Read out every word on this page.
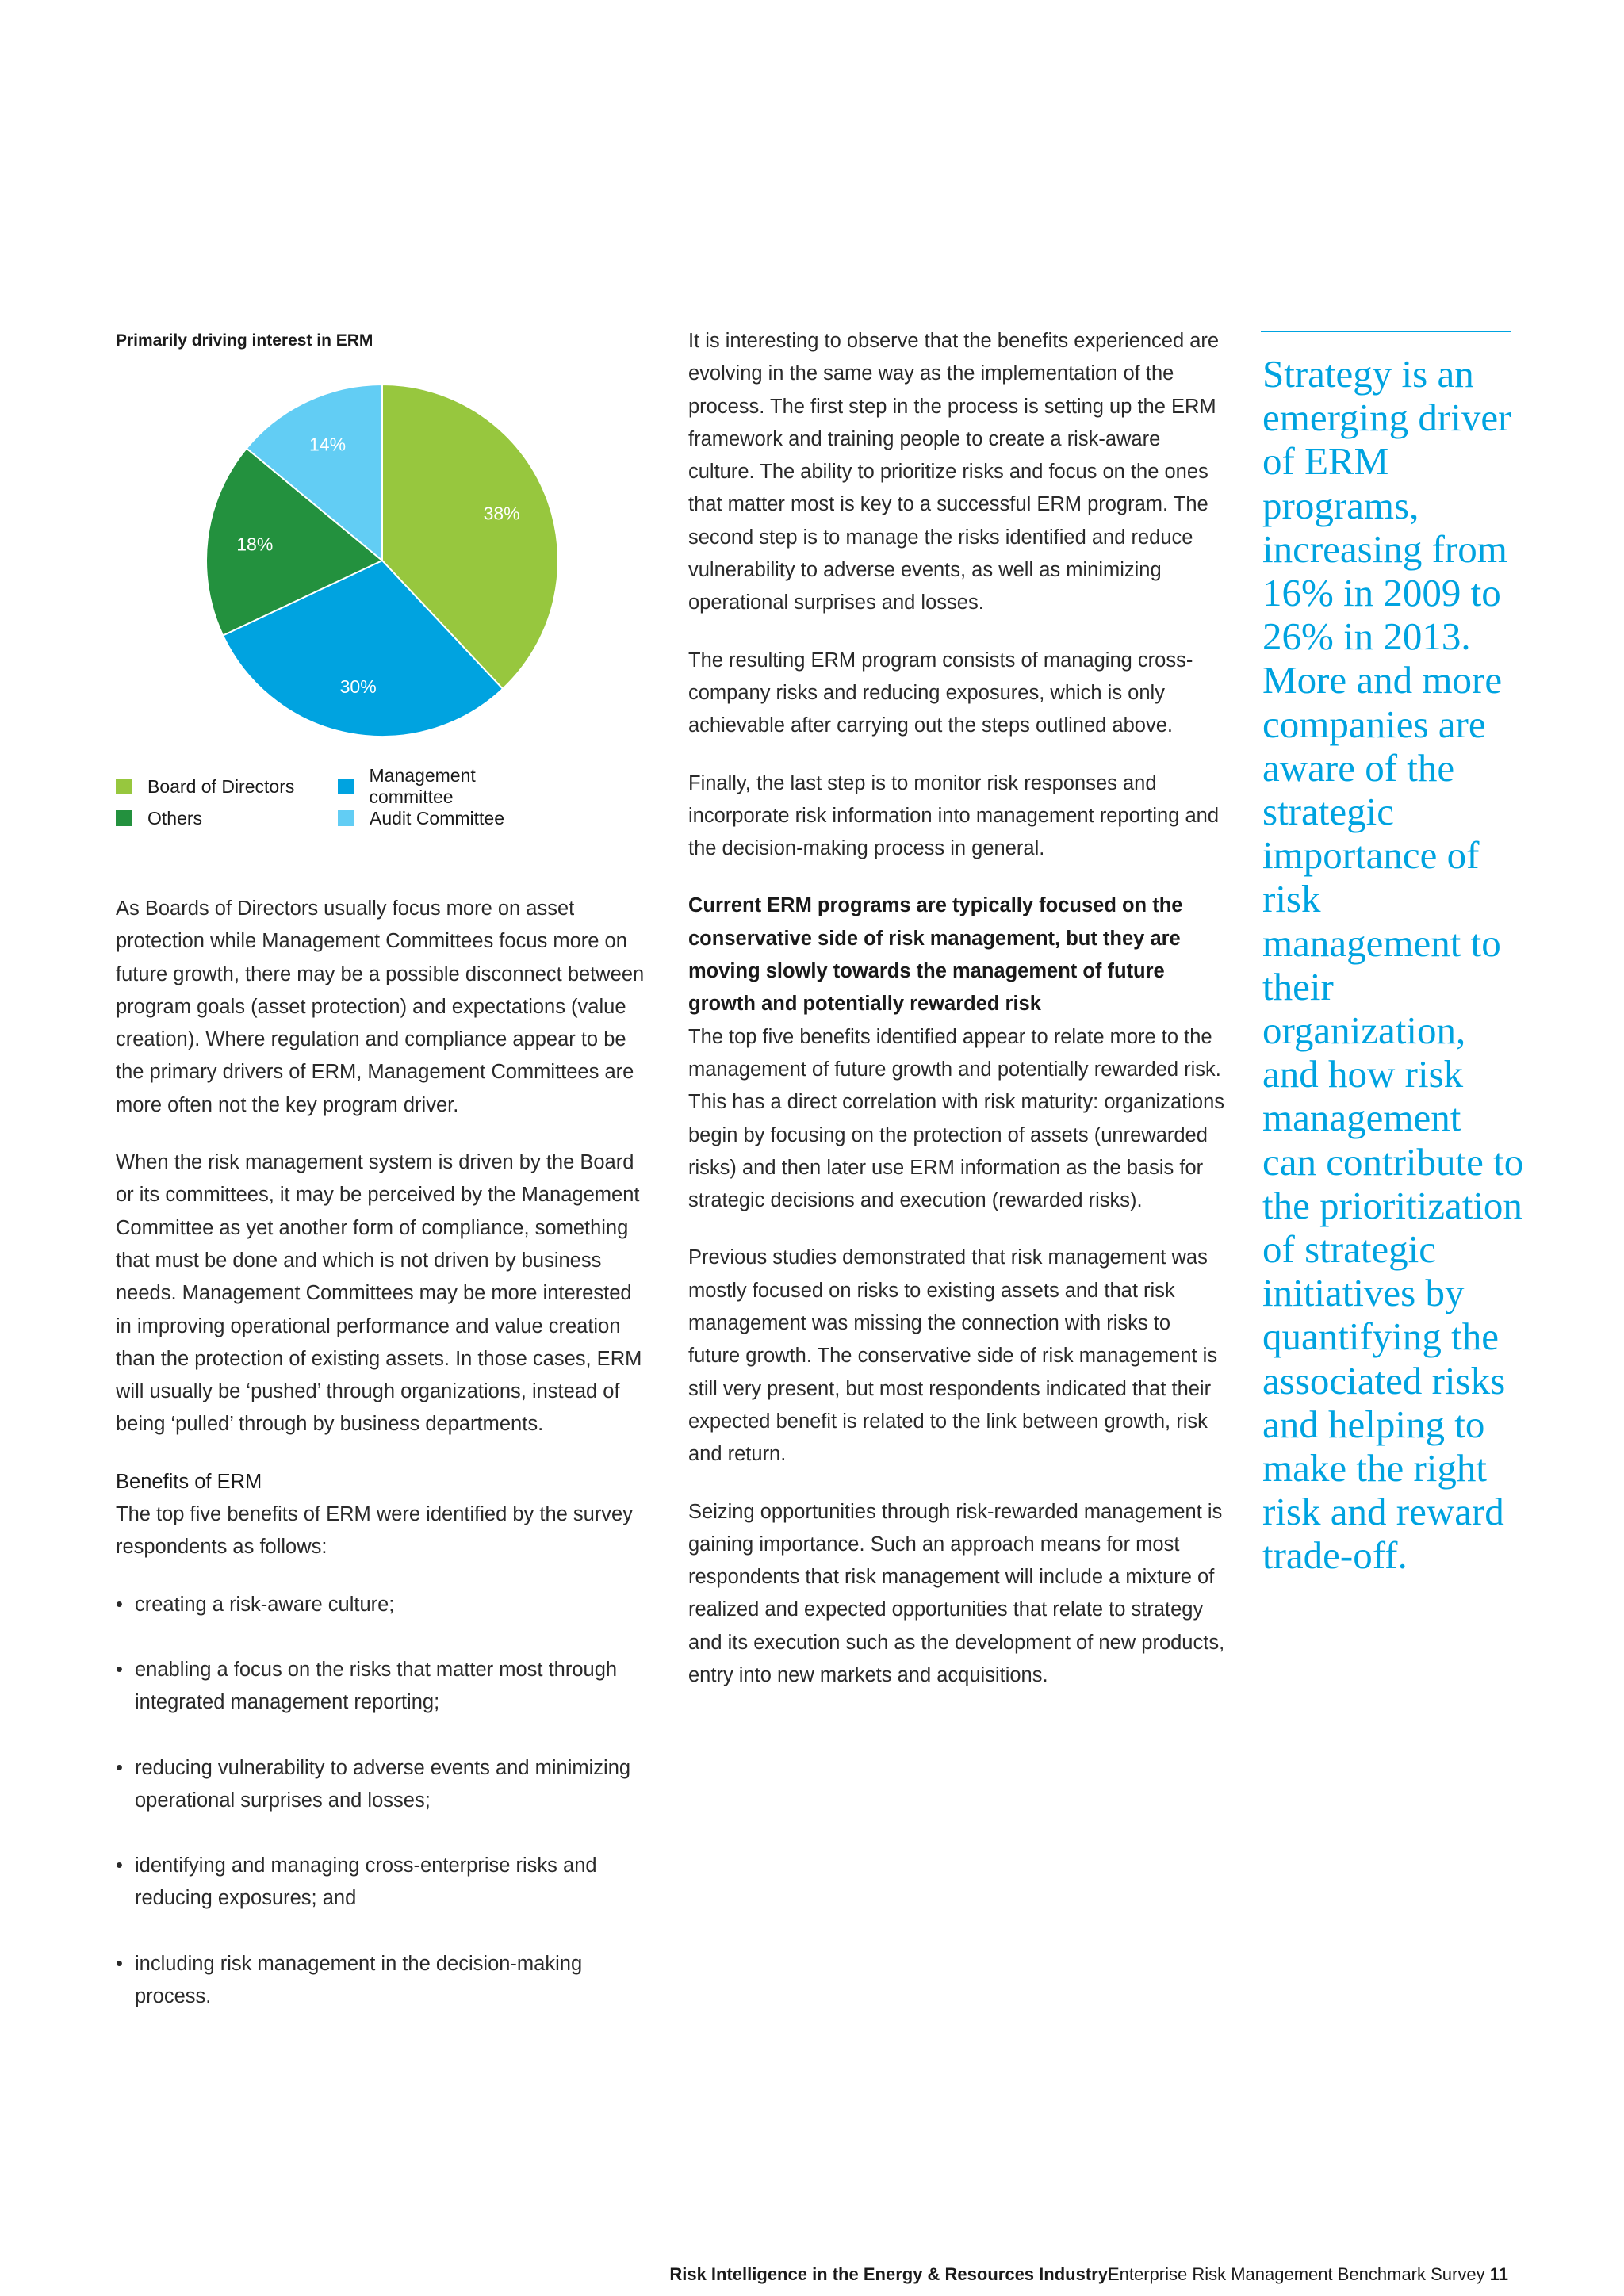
Primarily driving interest in ERM
38%
30%
18%
14%
Board of Directors
Management committee
Others	Audit Committee

As Boards of Directors usually focus more on asset protection while Management Committees focus more on future growth, there may be a possible disconnect between program goals (asset protection) and expectations (value creation). Where regulation and compliance appear to be the primary drivers of ERM, Management Committees are more often not the key program driver.

When the risk management system is driven by the Board or its committees, it may be perceived by the Management Committee as yet another form of compliance, something that must be done and which is not driven by business needs. Management Committees may be more interested in improving operational performance and value creation than the protection of existing assets. In those cases, ERM will usually be ‘pushed’ through organizations, instead of being ‘pulled’ through by business departments.

Benefits of ERM

The top five benefits of ERM were identified by the survey respondents as follows:

• creating a risk-aware culture;
• enabling a focus on the risks that matter most through integrated management reporting;
• reducing vulnerability to adverse events and minimizing operational surprises and losses;
• identifying and managing cross-enterprise risks and reducing exposures; and
• including risk management in the decision-making process.

It is interesting to observe that the benefits experienced are evolving in the same way as the implementation of the process. The first step in the process is setting up the ERM framework and training people to create a risk-aware culture. The ability to prioritize risks and focus on the ones that matter most is key to a successful ERM program. The second step is to manage the risks identified and reduce vulnerability to adverse events, as well as minimizing operational surprises and losses.

The resulting ERM program consists of managing cross-company risks and reducing exposures, which is only achievable after carrying out the steps outlined above.

Finally, the last step is to monitor risk responses and incorporate risk information into management reporting and the decision-making process in general.

Current ERM programs are typically focused on the conservative side of risk management, but they are moving slowly towards the management of future growth and potentially rewarded risk

The top five benefits identified appear to relate more to the management of future growth and potentially rewarded risk. This has a direct correlation with risk maturity: organizations begin by focusing on the protection of assets (unrewarded risks) and then later use ERM information as the basis for strategic decisions and execution (rewarded risks).

Previous studies demonstrated that risk management was mostly focused on risks to existing assets and that risk management was missing the connection with risks to future growth. The conservative side of risk management is still very present, but most respondents indicated that their expected benefit is related to the link between growth, risk and return.

Seizing opportunities through risk-rewarded management is gaining importance. Such an approach means for most respondents that risk management will include a mixture of realized and expected opportunities that relate to strategy and its execution such as the development of new products, entry into new markets and acquisitions.

Strategy is an emerging driver of ERM programs, increasing from 16% in 2009 to 26% in 2013. More and more companies are aware of the strategic importance of risk management to their organization, and how risk management can contribute to the prioritization of strategic initiatives by quantifying the associated risks and helping to make the right risk and reward trade-off.
Risk Intelligence in the Energy & Resources IndustryEnterprise Risk Management Benchmark Survey 11
